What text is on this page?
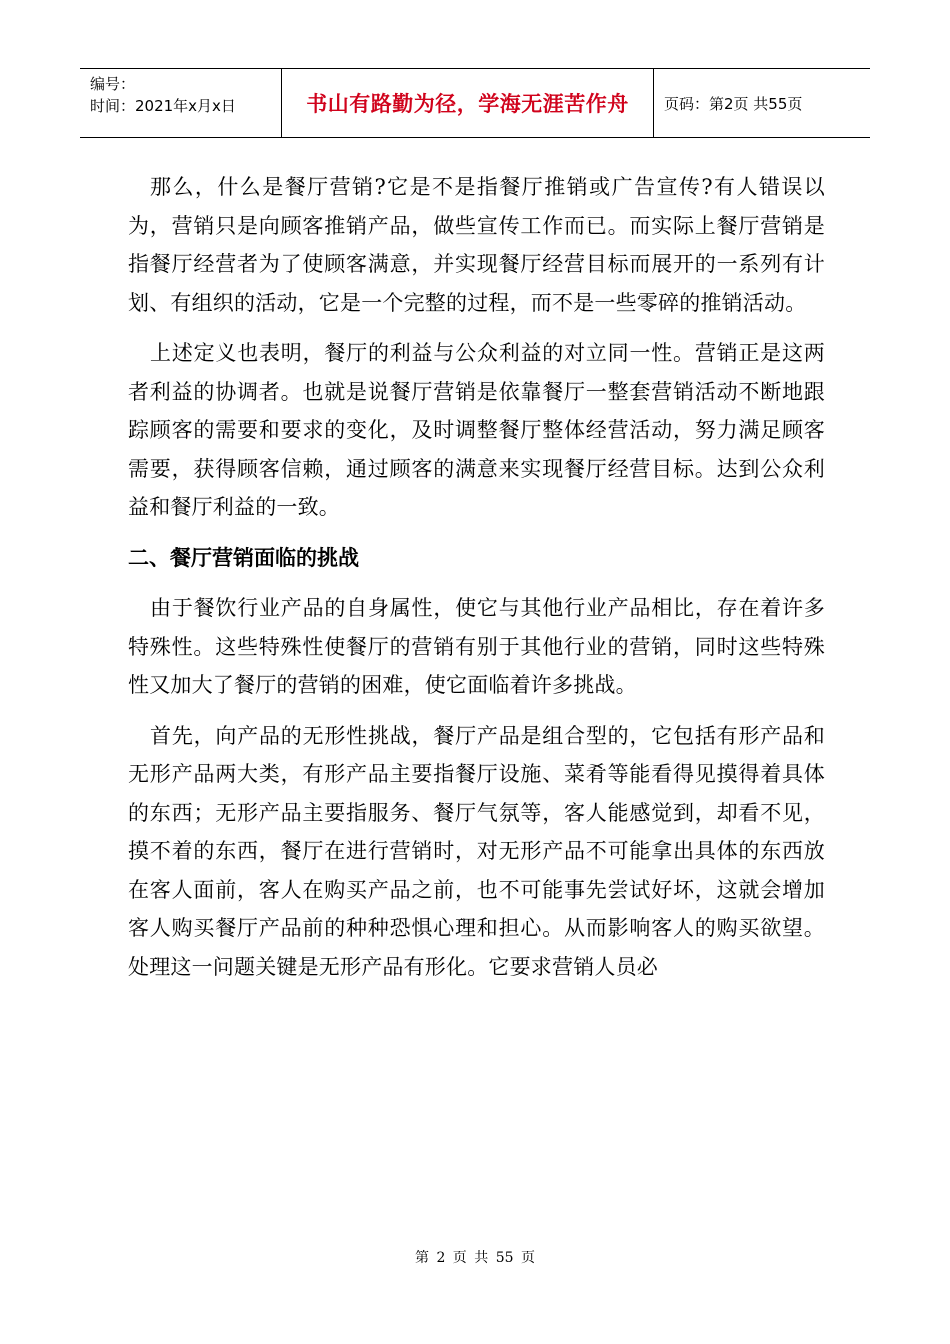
编号：
时间：2021年x月x日	书山有路勤为径，学海无涯苦作舟	页码：第2页 共55页

那么，什么是餐厅营销?它是不是指餐厅推销或广告宣传?有人错误以为，营销只是向顾客推销产品，做些宣传工作而已。而实际上餐厅营销是指餐厅经营者为了使顾客满意，并实现餐厅经营目标而展开的一系列有计划、有组织的活动，它是一个完整的过程，而不是一些零碎的推销活动。

上述定义也表明，餐厅的利益与公众利益的对立同一性。营销正是这两者利益的协调者。也就是说餐厅营销是依靠餐厅一整套营销活动不断地跟踪顾客的需要和要求的变化，及时调整餐厅整体经营活动，努力满足顾客需要，获得顾客信赖，通过顾客的满意来实现餐厅经营目标。达到公众利益和餐厅利益的一致。

二、餐厅营销面临的挑战

由于餐饮行业产品的自身属性，使它与其他行业产品相比，存在着许多特殊性。这些特殊性使餐厅的营销有别于其他行业的营销，同时这些特殊性又加大了餐厅的营销的困难，使它面临着许多挑战。

首先，向产品的无形性挑战，餐厅产品是组合型的，它包括有形产品和无形产品两大类，有形产品主要指餐厅设施、菜肴等能看得见摸得着具体的东西；无形产品主要指服务、餐厅气氛等，客人能感觉到，却看不见，摸不着的东西，餐厅在进行营销时，对无形产品不可能拿出具体的东西放在客人面前，客人在购买产品之前，也不可能事先尝试好坏，这就会增加客人购买餐厅产品前的种种恐惧心理和担心。从而影响客人的购买欲望。处理这一问题关键是无形产品有形化。它要求营销人员必

第 2 页 共 55 页
